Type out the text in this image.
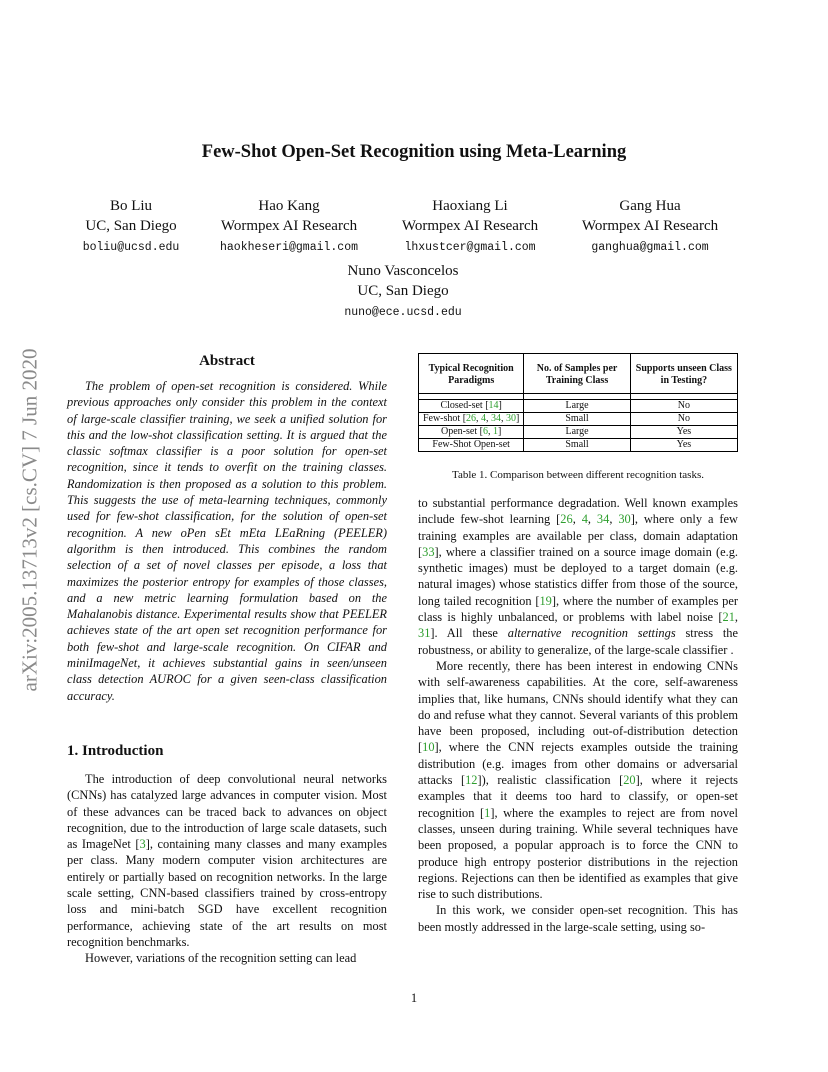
arXiv:2005.13713v2 [cs.CV] 7 Jun 2020
Few-Shot Open-Set Recognition using Meta-Learning
Bo Liu
UC, San Diego
boliu@ucsd.edu
Hao Kang
Wormpex AI Research
haokheseri@gmail.com
Haoxiang Li
Wormpex AI Research
lhxustcer@gmail.com
Gang Hua
Wormpex AI Research
ganghua@gmail.com
Nuno Vasconcelos
UC, San Diego
nuno@ece.ucsd.edu
Abstract

The problem of open-set recognition is considered. While previous approaches only consider this problem in the context of large-scale classifier training, we seek a unified solution for this and the low-shot classification setting. It is argued that the classic softmax classifier is a poor solution for open-set recognition, since it tends to overfit on the training classes. Randomization is then proposed as a solution to this problem. This suggests the use of meta-learning techniques, commonly used for few-shot classification, for the solution of open-set recognition. A new oPen sEt mEta LEaRning (PEELER) algorithm is then introduced. This combines the random selection of a set of novel classes per episode, a loss that maximizes the posterior entropy for examples of those classes, and a new metric learning formulation based on the Mahalanobis distance. Experimental results show that PEELER achieves state of the art open set recognition performance for both few-shot and large-scale recognition. On CIFAR and miniImageNet, it achieves substantial gains in seen/unseen class detection AUROC for a given seen-class classification accuracy.

1. Introduction

The introduction of deep convolutional neural networks (CNNs) has catalyzed large advances in computer vision. Most of these advances can be traced back to advances on object recognition, due to the introduction of large scale datasets, such as ImageNet [3], containing many classes and many examples per class. Many modern computer vision architectures are entirely or partially based on recognition networks. In the large scale setting, CNN-based classifiers trained by cross-entropy loss and mini-batch SGD have excellent recognition performance, achieving state of the art results on most recognition benchmarks.

However, variations of the recognition setting can lead

Typical Recognition Paradigms	No. of Samples per Training Class	Supports unseen Class in Testing?

Closed-set [14]	Large	No
Few-shot [26, 4, 34, 30]	Small	No
Open-set [6, 1]	Large	Yes
Few-Shot Open-set	Small	Yes
Table 1. Comparison between different recognition tasks.

to substantial performance degradation. Well known examples include few-shot learning [26, 4, 34, 30], where only a few training examples are available per class, domain adaptation [33], where a classifier trained on a source image domain (e.g. synthetic images) must be deployed to a target domain (e.g. natural images) whose statistics differ from those of the source, long tailed recognition [19], where the number of examples per class is highly unbalanced, or problems with label noise [21, 31]. All these alternative recognition settings stress the robustness, or ability to generalize, of the large-scale classifier .

More recently, there has been interest in endowing CNNs with self-awareness capabilities. At the core, self-awareness implies that, like humans, CNNs should identify what they can do and refuse what they cannot. Several variants of this problem have been proposed, including out-of-distribution detection [10], where the CNN rejects examples outside the training distribution (e.g. images from other domains or adversarial attacks [12]), realistic classification [20], where it rejects examples that it deems too hard to classify, or open-set recognition [1], where the examples to reject are from novel classes, unseen during training. While several techniques have been proposed, a popular approach is to force the CNN to produce high entropy posterior distributions in the rejection regions. Rejections can then be identified as examples that give rise to such distributions.

In this work, we consider open-set recognition. This has been mostly addressed in the large-scale setting, using so-

1
